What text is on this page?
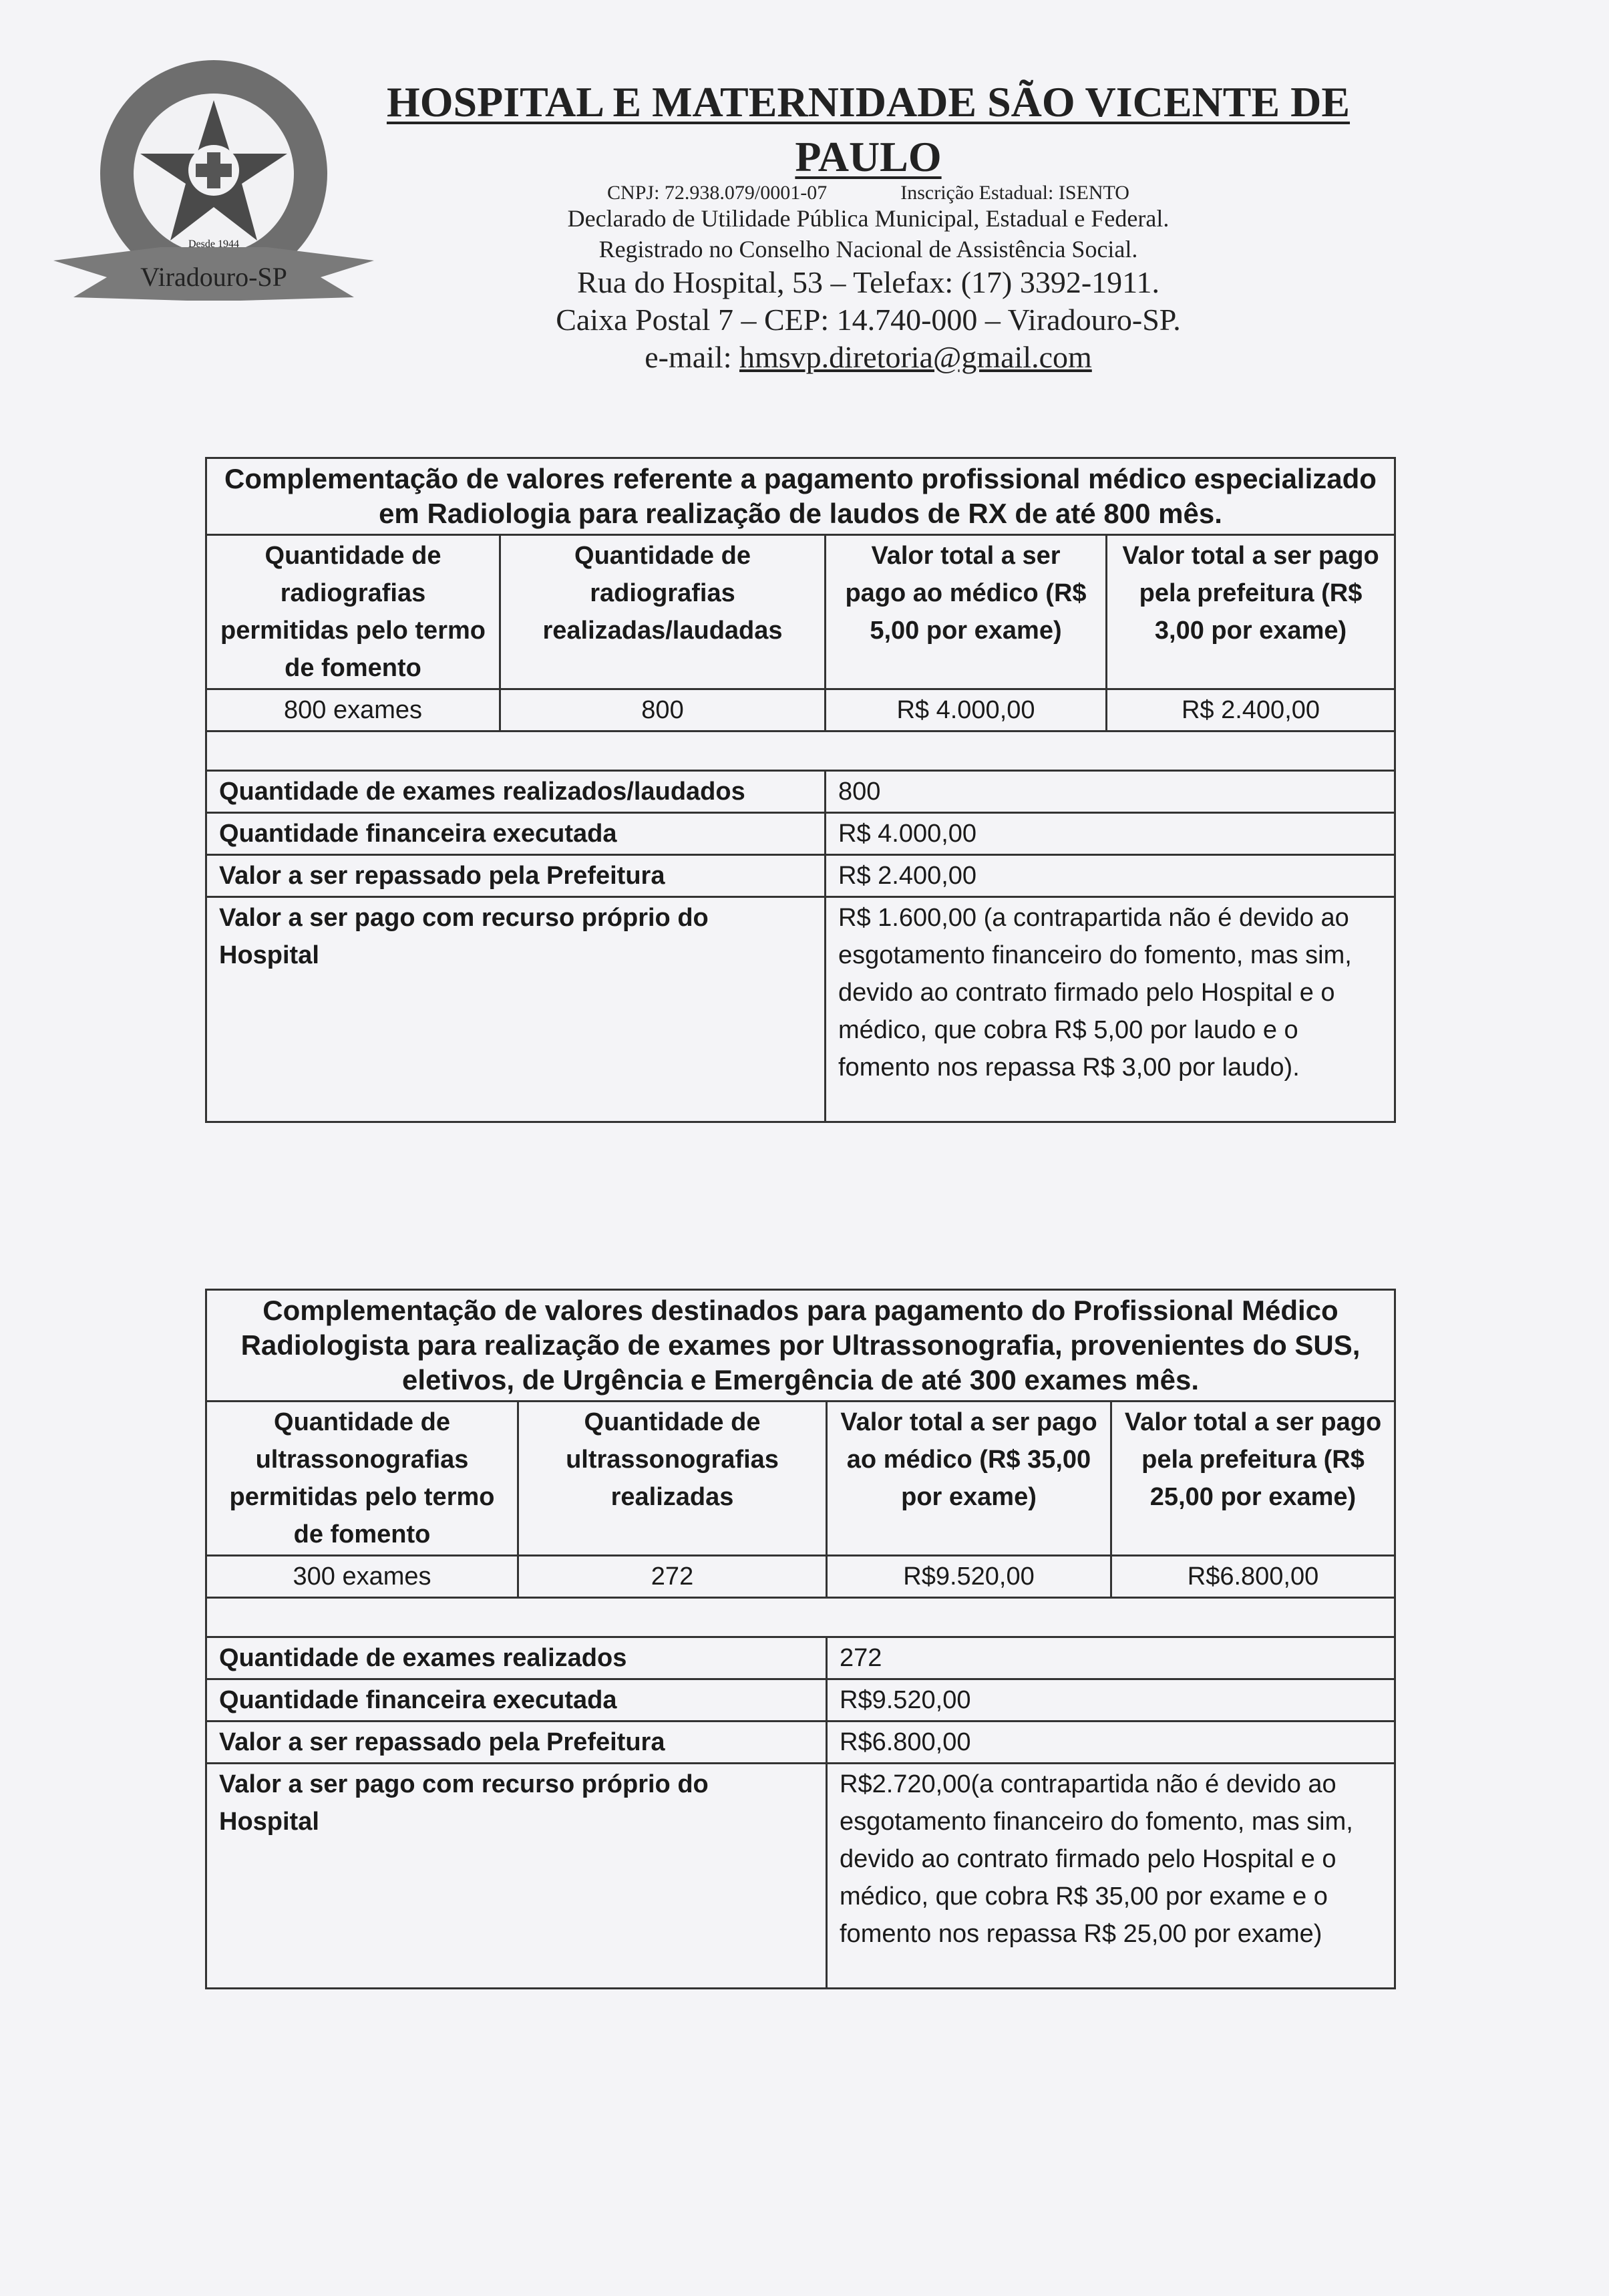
Viradouro-SP
Desde 1944
HOSPITAL E MATERNIDADE SÃO VICENTE DE
PAULO
CNPJ: 72.938.079/0001-07	Inscrição Estadual: ISENTO
Declarado de Utilidade Pública Municipal, Estadual e Federal.
Registrado no Conselho Nacional de Assistência Social.
Rua do Hospital, 53 – Telefax: (17) 3392-1911.
Caixa Postal 7 – CEP: 14.740-000 – Viradouro-SP.
e-mail: hmsvp.diretoria@gmail.com
Complementação de valores referente a pagamento profissional médico especializado em Radiologia para realização de laudos de RX de até 800 mês.			
Quantidade de radiografias permitidas pelo termo de fomento	Quantidade de radiografias realizadas/laudadas	Valor total a ser pago ao médico (R$ 5,00 por exame)	Valor total a ser pago pela prefeitura (R$ 3,00 por exame)
800 exames	800	R$ 4.000,00	R$ 2.400,00

Quantidade de exames realizados/laudados		800	
Quantidade financeira executada		R$ 4.000,00	
Valor a ser repassado pela Prefeitura		R$ 2.400,00	
Valor a ser pago com recurso próprio do Hospital		R$ 1.600,00 (a contrapartida não é devido ao esgotamento financeiro do fomento, mas sim, devido ao contrato firmado pelo Hospital e o médico, que cobra R$ 5,00 por laudo e o fomento nos repassa R$ 3,00 por laudo).	
Complementação de valores destinados para pagamento do Profissional Médico Radiologista para realização de exames por Ultrassonografia, provenientes do SUS, eletivos, de Urgência e Emergência de até 300 exames mês.			
Quantidade de ultrassonografias permitidas pelo termo de fomento	Quantidade de ultrassonografias realizadas	Valor total a ser pago ao médico (R$ 35,00 por exame)	Valor total a ser pago pela prefeitura (R$ 25,00 por exame)
300 exames	272	R$9.520,00	R$6.800,00

Quantidade de exames realizados		272	
Quantidade financeira executada		R$9.520,00	
Valor a ser repassado pela Prefeitura		R$6.800,00	
Valor a ser pago com recurso próprio do Hospital		R$2.720,00(a contrapartida não é devido ao esgotamento financeiro do fomento, mas sim, devido ao contrato firmado pelo Hospital e o médico, que cobra R$ 35,00 por exame e o fomento nos repassa R$ 25,00 por exame)	
